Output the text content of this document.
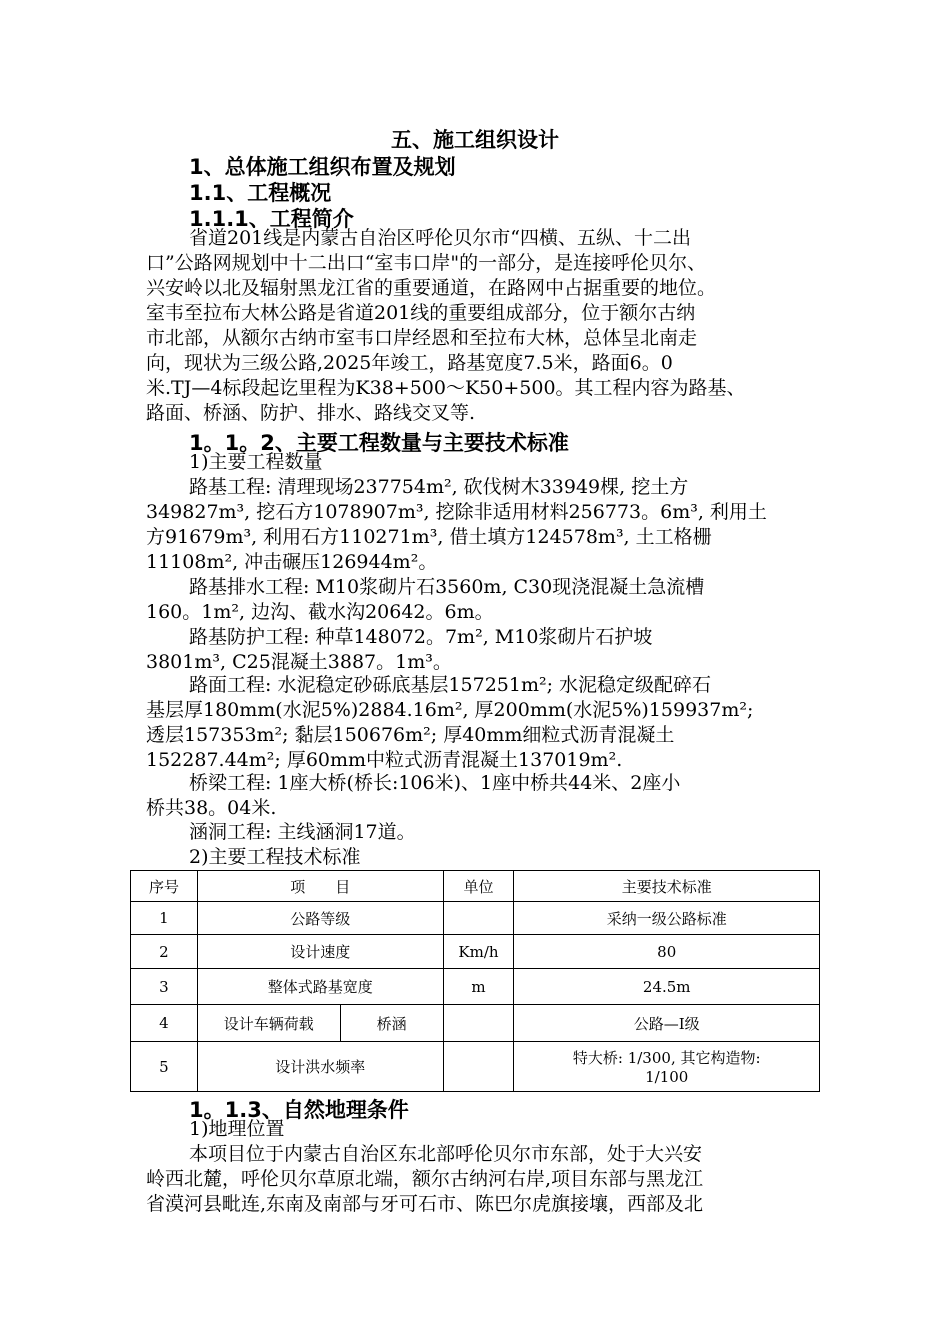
五、施工组织设计
1、总体施工组织布置及规划
1.1、工程概况
1.1.1、工程简介
省道201线是内蒙古自治区呼伦贝尔市“四横、五纵、十二出
口”公路网规划中十二出口“室韦口岸"的一部分，是连接呼伦贝尔、
兴安岭以北及辐射黑龙江省的重要通道，在路网中占据重要的地位。
室韦至拉布大林公路是省道201线的重要组成部分，位于额尔古纳
市北部，从额尔古纳市室韦口岸经恩和至拉布大林，总体呈北南走
向，现状为三级公路,2025年竣工，路基宽度7.5米，路面6。0
米.TJ—4标段起讫里程为K38+500～K50+500。其工程内容为路基、
路面、桥涵、防护、排水、路线交叉等.
1。1。2、主要工程数量与主要技术标准
1)主要工程数量
路基工程: 清理现场237754m², 砍伐树木33949棵, 挖土方
349827m³, 挖石方1078907m³, 挖除非适用材料256773。6m³, 利用土
方91679m³, 利用石方110271m³, 借土填方124578m³, 土工格栅
11108m², 冲击碾压126944m²。
路基排水工程: M10浆砌片石3560m, C30现浇混凝土急流槽
160。1m², 边沟、截水沟20642。6m。
路基防护工程: 种草148072。7m², M10浆砌片石护坡
3801m³, C25混凝土3887。1m³。
路面工程: 水泥稳定砂砾底基层157251m²; 水泥稳定级配碎石
基层厚180mm(水泥5%)2884.16m², 厚200mm(水泥5%)159937m²;
透层157353m²; 黏层150676m²; 厚40mm细粒式沥青混凝土
152287.44m²; 厚60mm中粒式沥青混凝土137019m².
桥梁工程: 1座大桥(桥长:106米)、1座中桥共44米、2座小
桥共38。04米.
涵洞工程: 主线涵洞17道。
2)主要工程技术标准
序号	项　　目		单位	主要技术标准
1	公路等级			采纳一级公路标准
2	设计速度		Km/h	80
3	整体式路基宽度		m	24.5m
4	设计车辆荷载	桥涵		公路—I级
5	设计洪水频率			特大桥: 1/300, 其它构造物:
1/100
1。1.3、自然地理条件
1)地理位置
本项目位于内蒙古自治区东北部呼伦贝尔市东部，处于大兴安
岭西北麓，呼伦贝尔草原北端，额尔古纳河右岸,项目东部与黑龙江
省漠河县毗连,东南及南部与牙可石市、陈巴尔虎旗接壤，西部及北
